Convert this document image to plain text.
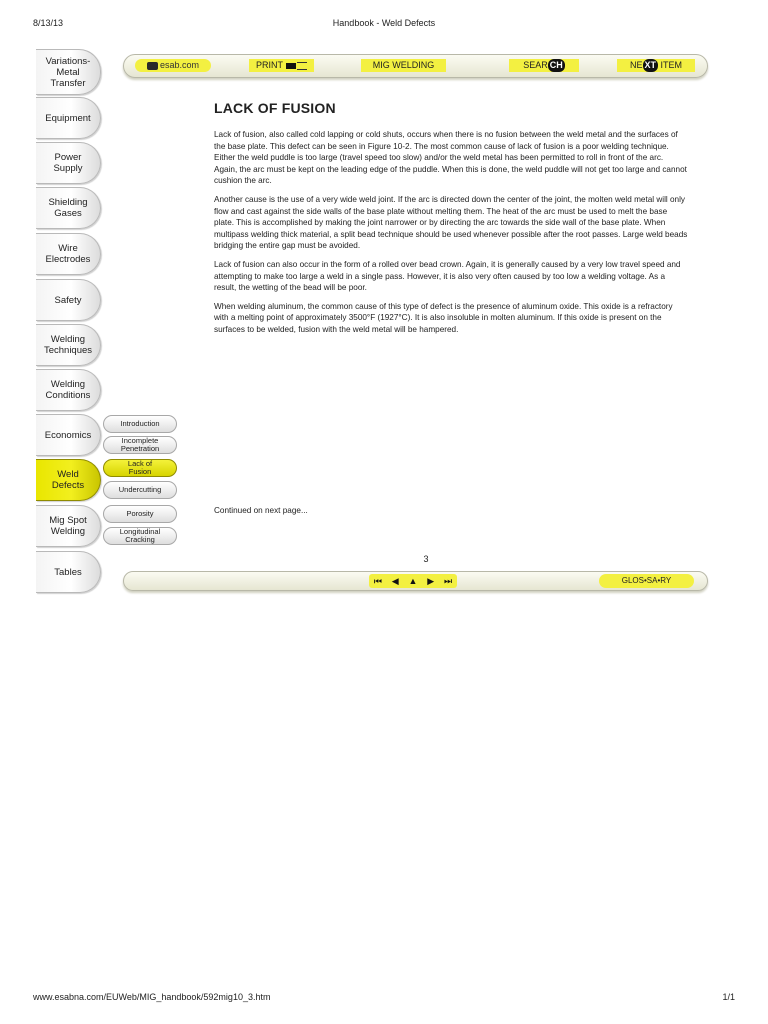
8/13/13	Handbook - Weld Defects
Variations-
Metal
Transfer
Equipment
Power
Supply
Shielding
Gases
Wire
Electrodes
Safety
Welding
Techniques
Welding
Conditions
Economics
Weld
Defects
Mig Spot
Welding
Tables
Introduction
Incomplete
Penetration
Lack of
Fusion
Undercutting
Porosity
Longitudinal
Cracking
esab.com	PRINT	MIG WELDING	SEAR CH	NE XT ITEM
LACK OF FUSION

Lack of fusion, also called cold lapping or cold shuts, occurs when there is no fusion between the weld metal and the surfaces of the base plate. This defect can be seen in Figure 10-2. The most common cause of lack of fusion is a poor welding technique. Either the weld puddle is too large (travel speed too slow) and/or the weld metal has been permitted to roll in front of the arc. Again, the arc must be kept on the leading edge of the puddle. When this is done, the weld puddle will not get too large and cannot cushion the arc.

Another cause is the use of a very wide weld joint. If the arc is directed down the center of the joint, the molten weld metal will only flow and cast against the side walls of the base plate without melting them. The heat of the arc must be used to melt the base plate. This is accomplished by making the joint narrower or by directing the arc towards the side wall of the base plate. When multipass welding thick material, a split bead technique should be used whenever possible after the root passes. Large weld beads bridging the entire gap must be avoided.

Lack of fusion can also occur in the form of a rolled over bead crown. Again, it is generally caused by a very low travel speed and attempting to make too large a weld in a single pass. However, it is also very often caused by too low a welding voltage. As a result, the wetting of the bead will be poor.

When welding aluminum, the common cause of this type of defect is the presence of aluminum oxide. This oxide is a refractory with a melting point of approximately 3500°F (1927°C). It is also insoluble in molten aluminum. If this oxide is present on the surfaces to be welded, fusion with the weld metal will be hampered.

Continued on next page...
3
⏮ ◀ ▲ ▶ ⏭	GLOS•SA•RY
www.esabna.com/EUWeb/MIG_handbook/592mig10_3.htm	1/1
